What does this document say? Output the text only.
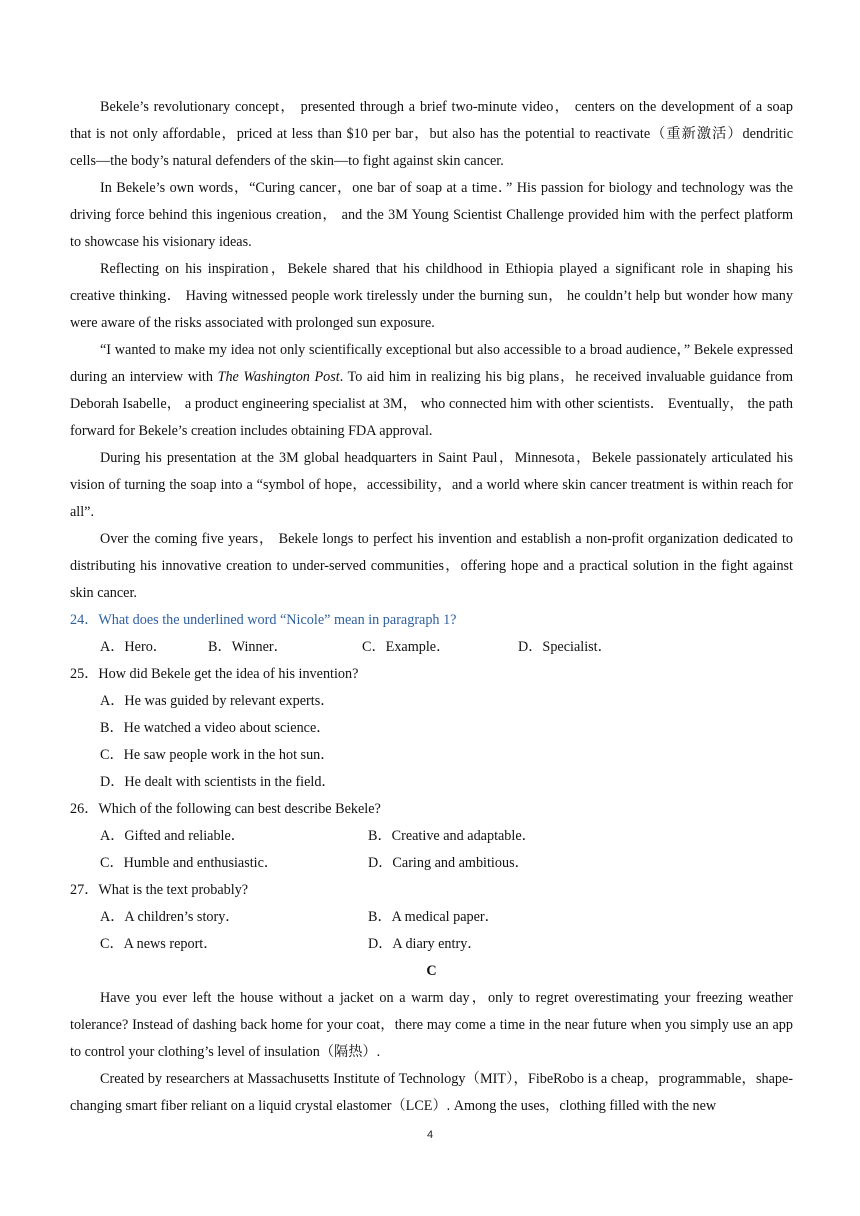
Bekele’s revolutionary concept， presented through a brief two-minute video， centers on the development of a soap that is not only affordable，priced at less than $10 per bar，but also has the potential to reactivate（重新激活）dendritic cells—the body’s natural defenders of the skin—to fight against skin cancer.

In Bekele’s own words，“Curing cancer，one bar of soap at a time．” His passion for biology and technology was the driving force behind this ingenious creation， and the 3M Young Scientist Challenge provided him with the perfect platform to showcase his visionary ideas.

Reflecting on his inspiration，Bekele shared that his childhood in Ethiopia played a significant role in shaping his creative thinking． Having witnessed people work tirelessly under the burning sun， he couldn’t help but wonder how many were aware of the risks associated with prolonged sun exposure.

“I wanted to make my idea not only scientifically exceptional but also accessible to a broad audience，” Bekele expressed during an interview with The Washington Post. To aid him in realizing his big plans，he received invaluable guidance from Deborah Isabelle， a product engineering specialist at 3M， who connected him with other scientists． Eventually， the path forward for Bekele’s creation includes obtaining FDA approval.

During his presentation at the 3M global headquarters in Saint Paul，Minnesota，Bekele passionately articulated his vision of turning the soap into a “symbol of hope，accessibility，and a world where skin cancer treatment is within reach for all”.

Over the coming five years， Bekele longs to perfect his invention and establish a non-profit organization dedicated to distributing his innovative creation to under-served communities，offering hope and a practical solution in the fight against skin cancer.

24．What does the underlined word “Nicole” mean in paragraph 1?

A．Hero．	B．Winner．	C．Example．	D．Specialist．

25．How did Bekele get the idea of his invention?

A．He was guided by relevant experts．

B．He watched a video about science．

C．He saw people work in the hot sun．

D．He dealt with scientists in the field．

26．Which of the following can best describe Bekele?

A．Gifted and reliable．	B．Creative and adaptable．
C．Humble and enthusiastic．	D．Caring and ambitious．

27．What is the text probably?

A．A children’s story．	B．A medical paper．
C．A news report．	D．A diary entry．

C

Have you ever left the house without a jacket on a warm day，only to regret overestimating your freezing weather tolerance? Instead of dashing back home for your coat，there may come a time in the near future when you simply use an app to control your clothing’s level of insulation（隔热）.

Created by researchers at Massachusetts Institute of Technology（MIT），FibeRobo is a cheap，programmable，shape-changing smart fiber reliant on a liquid crystal elastomer（LCE）. Among the uses，clothing filled with the new

4
